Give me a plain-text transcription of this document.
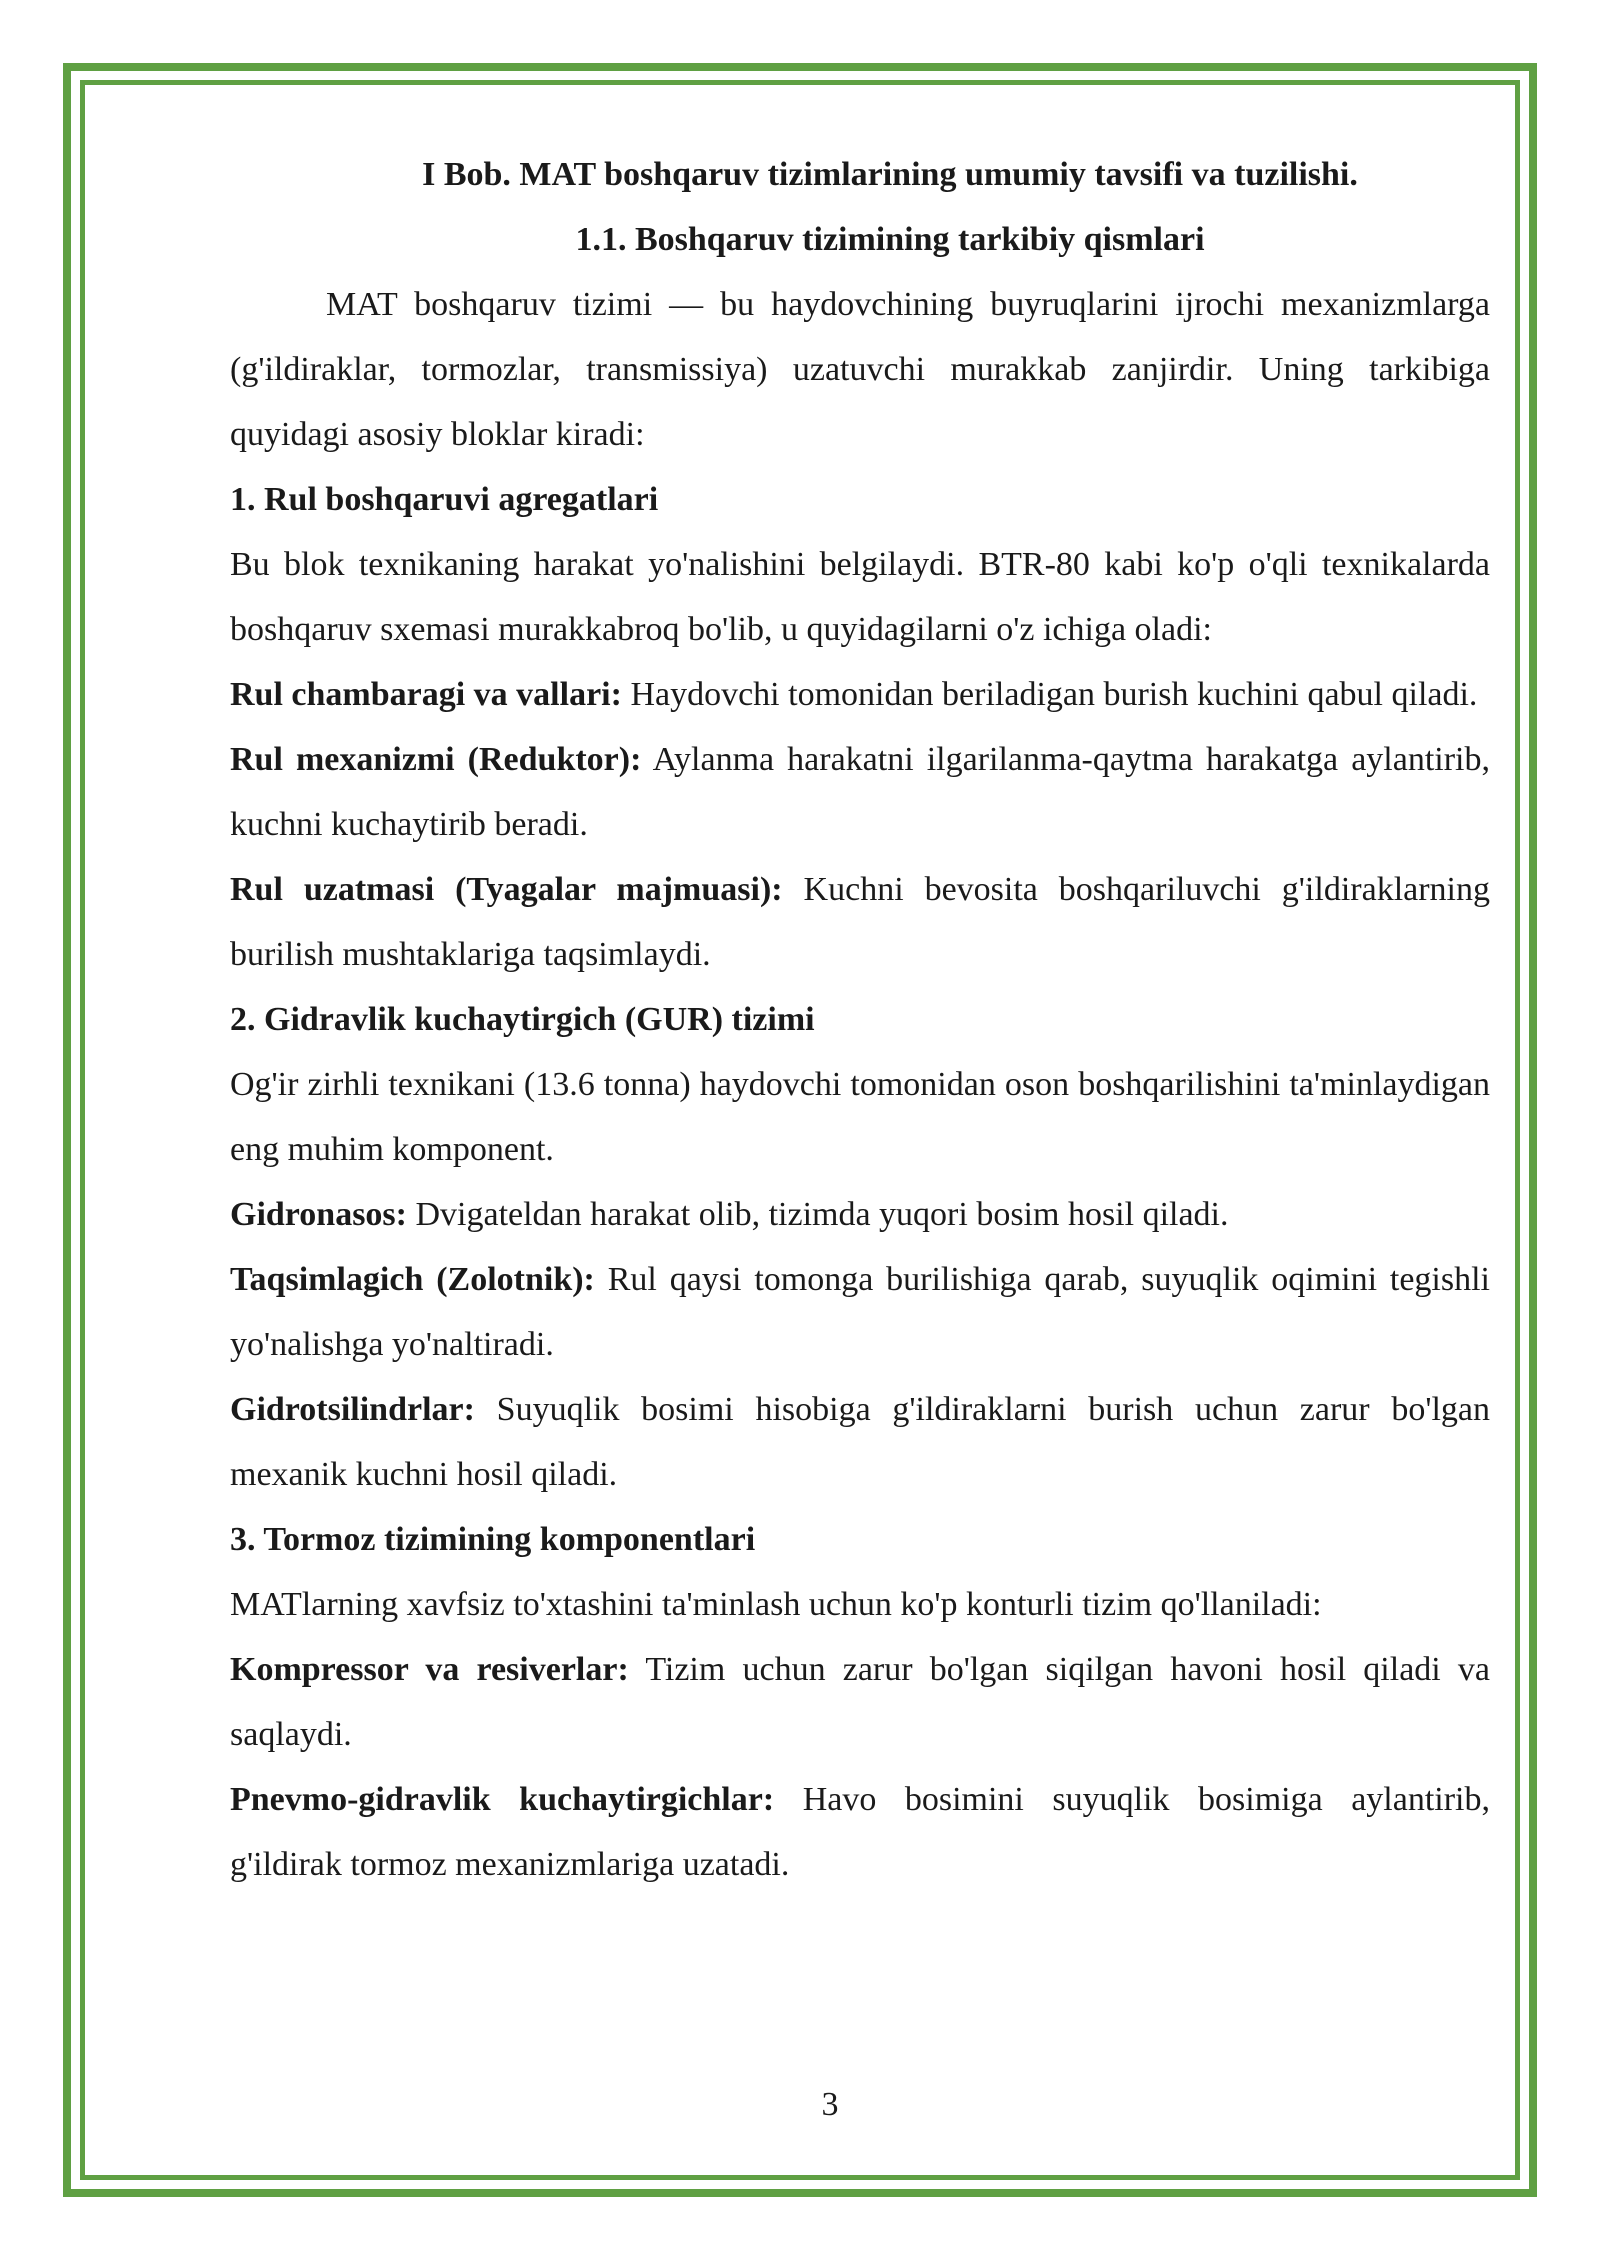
I Bob. MAT boshqaruv tizimlarining umumiy tavsifi va tuzilishi.

1.1. Boshqaruv tizimining tarkibiy qismlari

MAT boshqaruv tizimi — bu haydovchining buyruqlarini ijrochi mexanizmlarga (g'ildiraklar, tormozlar, transmissiya) uzatuvchi murakkab zanjirdir. Uning tarkibiga quyidagi asosiy bloklar kiradi:

1. Rul boshqaruvi agregatlari

Bu blok texnikaning harakat yo'nalishini belgilaydi. BTR-80 kabi ko'p o'qli texnikalarda boshqaruv sxemasi murakkabroq bo'lib, u quyidagilarni o'z ichiga oladi:

Rul chambaragi va vallari: Haydovchi tomonidan beriladigan burish kuchini qabul qiladi.

Rul mexanizmi (Reduktor): Aylanma harakatni ilgarilanma-qaytma harakatga aylantirib, kuchni kuchaytirib beradi.

Rul uzatmasi (Tyagalar majmuasi): Kuchni bevosita boshqariluvchi g'ildiraklarning burilish mushtaklariga taqsimlaydi.

2. Gidravlik kuchaytirgich (GUR) tizimi

Og'ir zirhli texnikani (13.6 tonna) haydovchi tomonidan oson boshqarilishini ta'minlaydigan eng muhim komponent.

Gidronasos: Dvigateldan harakat olib, tizimda yuqori bosim hosil qiladi.

Taqsimlagich (Zolotnik): Rul qaysi tomonga burilishiga qarab, suyuqlik oqimini tegishli yo'nalishga yo'naltiradi.

Gidrotsilindrlar: Suyuqlik bosimi hisobiga g'ildiraklarni burish uchun zarur bo'lgan mexanik kuchni hosil qiladi.

3. Tormoz tizimining komponentlari

MATlarning xavfsiz to'xtashini ta'minlash uchun ko'p konturli tizim qo'llaniladi:

Kompressor va resiverlar: Tizim uchun zarur bo'lgan siqilgan havoni hosil qiladi va saqlaydi.

Pnevmo-gidravlik kuchaytirgichlar: Havo bosimini suyuqlik bosimiga aylantirib, g'ildirak tormoz mexanizmlariga uzatadi.

3
